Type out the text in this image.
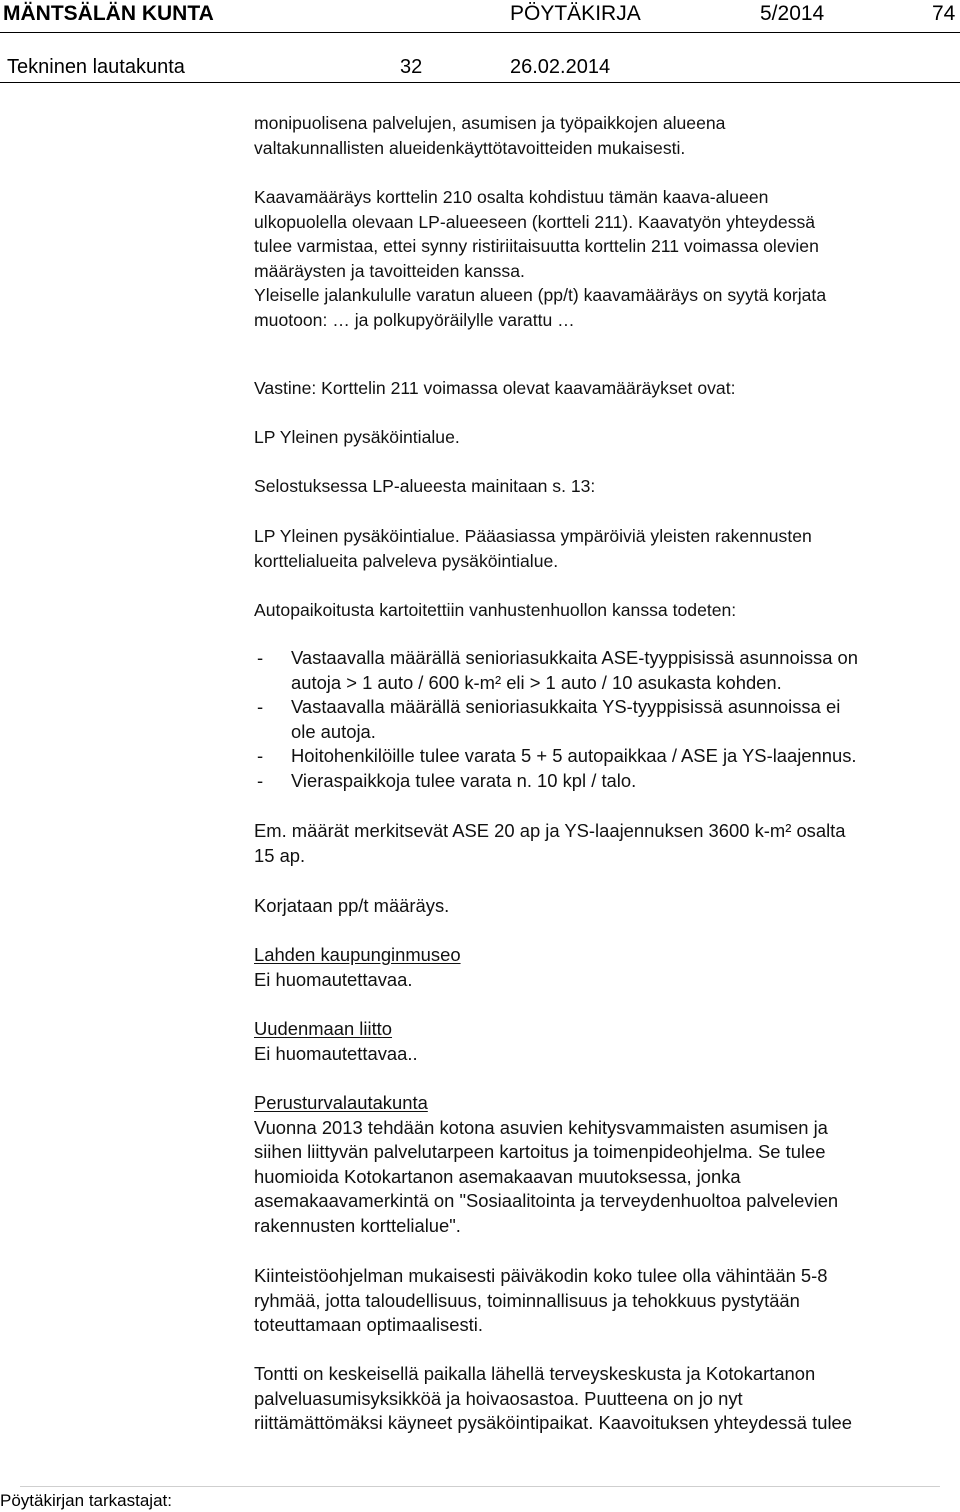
MÄNTSÄLÄN KUNTA	PÖYTÄKIRJA	5/2014	74
Tekninen lautakunta	32	26.02.2014
monipuolisena palvelujen, asumisen ja työpaikkojen alueena
valtakunnallisten alueidenkäyttötavoitteiden mukaisesti.
Kaavamääräys korttelin 210 osalta kohdistuu tämän kaava-alueen
ulkopuolella olevaan LP-alueeseen (kortteli 211). Kaavatyön yhteydessä
tulee varmistaa, ettei synny ristiriitaisuutta korttelin 211 voimassa olevien
määräysten ja tavoitteiden kanssa.
Yleiselle jalankululle varatun alueen (pp/t) kaavamääräys on syytä korjata
muotoon: … ja polkupyöräilylle varattu …
Vastine: Korttelin 211 voimassa olevat kaavamääräykset ovat:
LP Yleinen pysäköintialue.
Selostuksessa LP-alueesta mainitaan s. 13:
LP Yleinen pysäköintialue. Pääasiassa ympäröiviä yleisten rakennusten
korttelialueita palveleva pysäköintialue.
Autopaikoitusta kartoitettiin vanhustenhuollon kanssa todeten:
- Vastaavalla määrällä senioriasukkaita ASE-tyyppisissä asunnoissa on
autoja > 1 auto / 600 k-m² eli > 1 auto / 10 asukasta kohden.
- Vastaavalla määrällä senioriasukkaita YS-tyyppisissä asunnoissa ei
ole autoja.
- Hoitohenkilöille tulee varata 5 + 5 autopaikkaa / ASE ja YS-laajennus.
- Vieraspaikkoja tulee varata n. 10 kpl / talo.
Em. määrät merkitsevät ASE 20 ap ja YS-laajennuksen 3600 k-m² osalta
15 ap.
Korjataan pp/t määräys.
Lahden kaupunginmuseo
Ei huomautettavaa.
Uudenmaan liitto
Ei huomautettavaa..
Perusturvalautakunta
Vuonna 2013 tehdään kotona asuvien kehitysvammaisten asumisen ja
siihen liittyvän palvelutarpeen kartoitus ja toimenpideohjelma. Se tulee
huomioida Kotokartanon asemakaavan muutoksessa, jonka
asemakaavamerkintä on "Sosiaalitointa ja terveydenhuoltoa palvelevien
rakennusten korttelialue".
Kiinteistöohjelman mukaisesti päiväkodin koko tulee olla vähintään 5-8
ryhmää, jotta taloudellisuus, toiminnallisuus ja tehokkuus pystytään
toteuttamaan optimaalisesti.
Tontti on keskeisellä paikalla lähellä terveyskeskusta ja Kotokartanon
palveluasumisyksikköä ja hoivaosastoa. Puutteena on jo nyt
riittämättömäksi käyneet pysäköintipaikat. Kaavoituksen yhteydessä tulee
Pöytäkirjan tarkastajat:
